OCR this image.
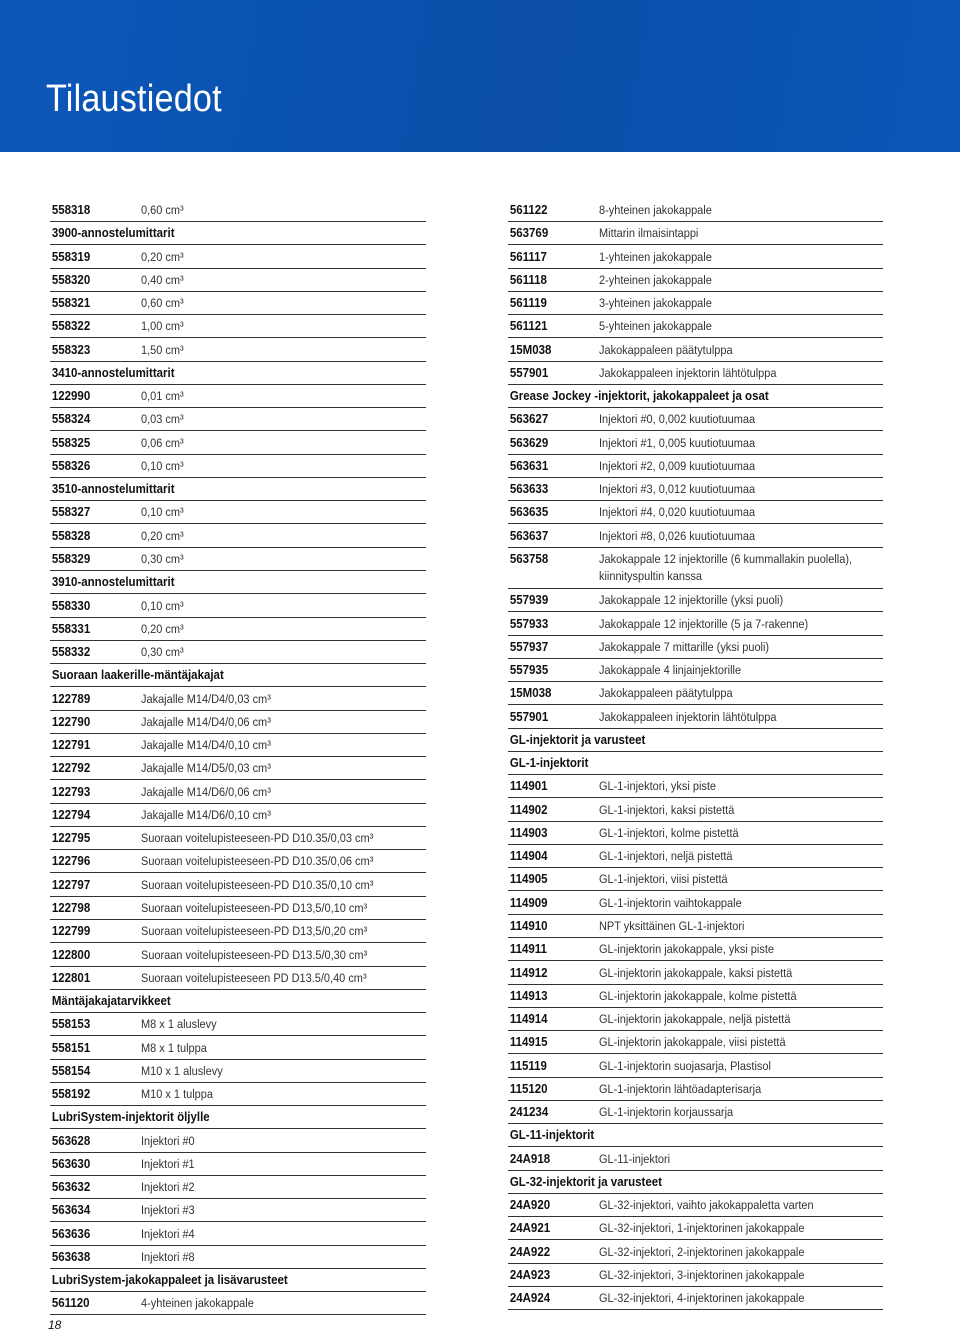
Tilaustiedot
558318	0,60 cm³
3900-annostelumittarit
558319	0,20 cm³
558320	0,40 cm³
558321	0,60 cm³
558322	1,00 cm³
558323	1,50 cm³
3410-annostelumittarit
122990	0,01 cm³
558324	0,03 cm³
558325	0,06 cm³
558326	0,10 cm³
3510-annostelumittarit
558327	0,10 cm³
558328	0,20 cm³
558329	0,30 cm³
3910-annostelumittarit
558330	0,10 cm³
558331	0,20 cm³
558332	0,30 cm³
Suoraan laakerille-mäntäjakajat
122789	Jakajalle M14/D4/0,03 cm³
122790	Jakajalle M14/D4/0,06 cm³
122791	Jakajalle M14/D4/0,10 cm³
122792	Jakajalle M14/D5/0,03 cm³
122793	Jakajalle M14/D6/0,06 cm³
122794	Jakajalle M14/D6/0,10 cm³
122795	Suoraan voitelupisteeseen-PD D10.35/0,03 cm³
122796	Suoraan voitelupisteeseen-PD D10.35/0,06 cm³
122797	Suoraan voitelupisteeseen-PD D10.35/0,10 cm³
122798	Suoraan voitelupisteeseen-PD D13,5/0,10 cm³
122799	Suoraan voitelupisteeseen-PD D13,5/0,20 cm³
122800	Suoraan voitelupisteeseen-PD D13.5/0,30 cm³
122801	Suoraan voitelupisteeseen PD D13.5/0,40 cm³
Mäntäjakajatarvikkeet
558153	M8 x 1 aluslevy
558151	M8 x 1 tulppa
558154	M10 x 1 aluslevy
558192	M10 x 1 tulppa
LubriSystem-injektorit öljylle
563628	Injektori #0
563630	Injektori #1
563632	Injektori #2
563634	Injektori #3
563636	Injektori #4
563638	Injektori #8
LubriSystem-jakokappaleet ja lisävarusteet
561120	4-yhteinen jakokappale
561122	8-yhteinen jakokappale
563769	Mittarin ilmaisintappi
561117	1-yhteinen jakokappale
561118	2-yhteinen jakokappale
561119	3-yhteinen jakokappale
561121	5-yhteinen jakokappale
15M038	Jakokappaleen päätytulppa
557901	Jakokappaleen injektorin lähtötulppa
Grease Jockey -injektorit, jakokappaleet ja osat
563627	Injektori #0, 0,002 kuutiotuumaa
563629	Injektori #1, 0,005 kuutiotuumaa
563631	Injektori #2, 0,009 kuutiotuumaa
563633	Injektori #3, 0,012 kuutiotuumaa
563635	Injektori #4, 0,020 kuutiotuumaa
563637	Injektori #8, 0,026 kuutiotuumaa
563758	Jakokappale 12 injektorille (6 kummallakin puolella), kiinnityspultin kanssa
557939	Jakokappale 12 injektorille (yksi puoli)
557933	Jakokappale 12 injektorille (5 ja 7-rakenne)
557937	Jakokappale 7 mittarille (yksi puoli)
557935	Jakokappale 4 linjainjektorille
15M038	Jakokappaleen päätytulppa
557901	Jakokappaleen injektorin lähtötulppa
GL-injektorit ja varusteet
GL-1-injektorit
114901	GL-1-injektori, yksi piste
114902	GL-1-injektori, kaksi pistettä
114903	GL-1-injektori, kolme pistettä
114904	GL-1-injektori, neljä pistettä
114905	GL-1-injektori, viisi pistettä
114909	GL-1-injektorin vaihtokappale
114910	NPT yksittäinen GL-1-injektori
114911	GL-injektorin jakokappale, yksi piste
114912	GL-injektorin jakokappale, kaksi pistettä
114913	GL-injektorin jakokappale, kolme pistettä
114914	GL-injektorin jakokappale, neljä pistettä
114915	GL-injektorin jakokappale, viisi pistettä
115119	GL-1-injektorin suojasarja, Plastisol
115120	GL-1-injektorin lähtöadapterisarja
241234	GL-1-injektorin korjaussarja
GL-11-injektorit
24A918	GL-11-injektori
GL-32-injektorit ja varusteet
24A920	GL-32-injektori, vaihto jakokappaletta varten
24A921	GL-32-injektori, 1-injektorinen jakokappale
24A922	GL-32-injektori, 2-injektorinen jakokappale
24A923	GL-32-injektori, 3-injektorinen jakokappale
24A924	GL-32-injektori, 4-injektorinen jakokappale
18
